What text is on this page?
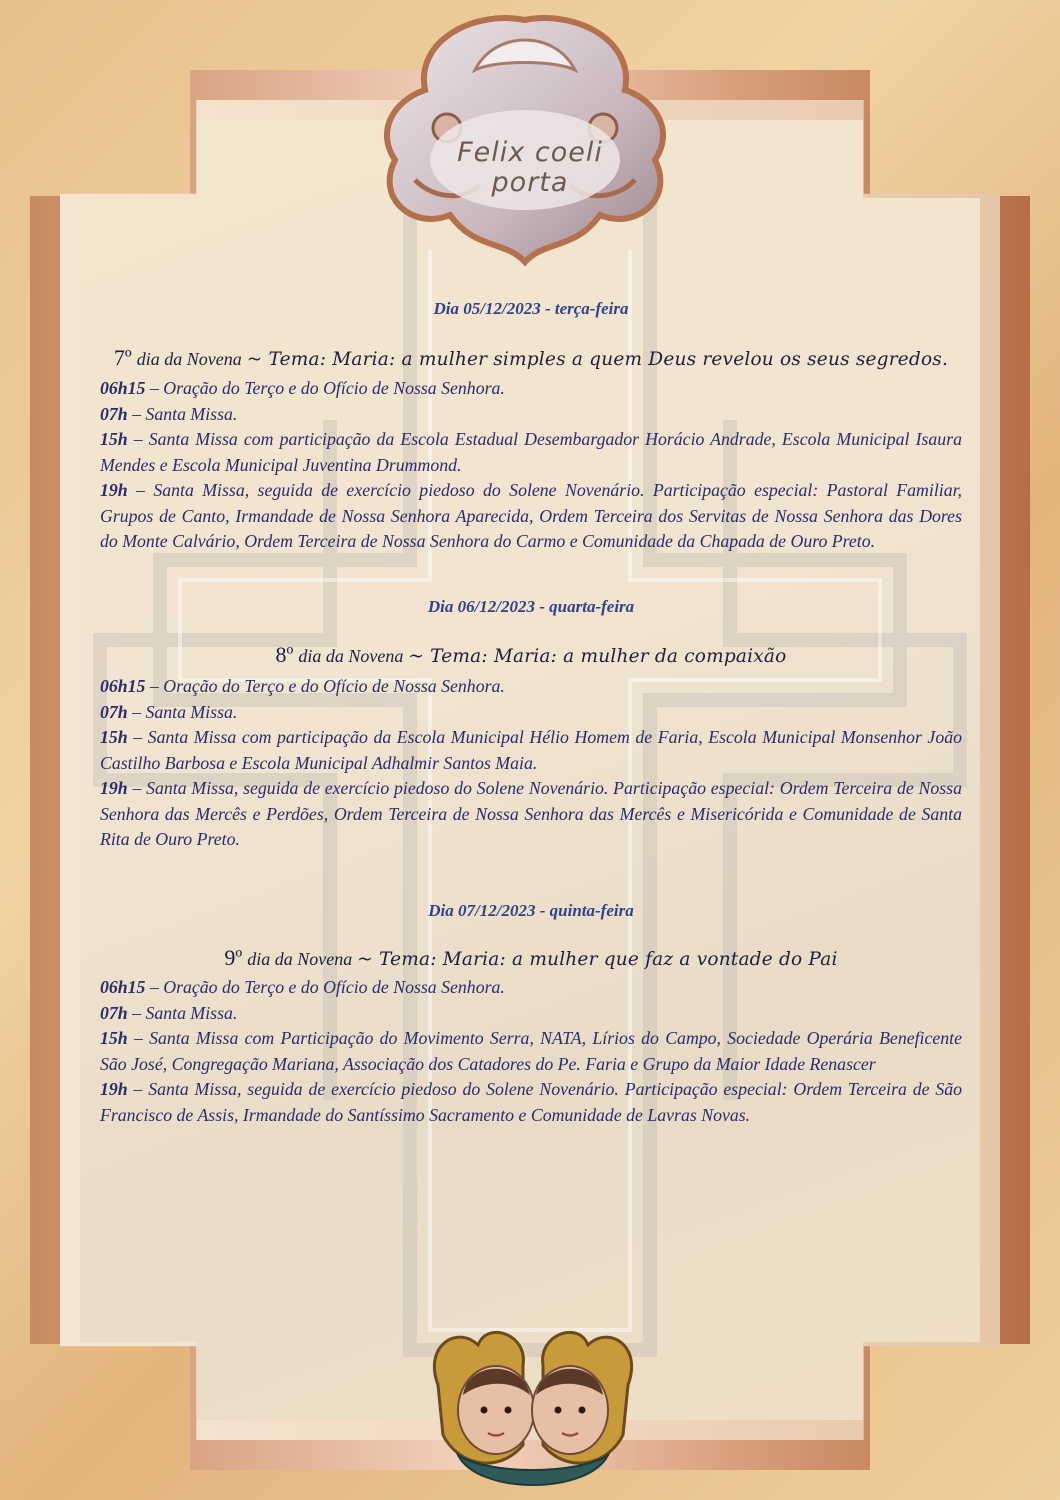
Felix coeli
porta
Dia 05/12/2023 - terça-feira
7º dia da Novena ~ Tema: Maria: a mulher simples a quem Deus revelou os seus segredos.

06h15 – Oração do Terço e do Ofício de Nossa Senhora.

07h – Santa Missa.

15h – Santa Missa com participação da Escola Estadual Desembargador Horácio Andrade, Escola Municipal Isaura Mendes e Escola Municipal Juventina Drummond.

19h – Santa Missa, seguida de exercício piedoso do Solene Novenário. Participação especial: Pastoral Familiar, Grupos de Canto, Irmandade de Nossa Senhora Aparecida, Ordem Terceira dos Servitas de Nossa Senhora das Dores do Monte Calvário, Ordem Terceira de Nossa Senhora do Carmo e Comunidade da Chapada de Ouro Preto.

Dia 06/12/2023 - quarta-feira
8º dia da Novena ~ Tema: Maria: a mulher da compaixão

06h15 – Oração do Terço e do Ofício de Nossa Senhora.

07h – Santa Missa.

15h – Santa Missa com participação da Escola Municipal Hélio Homem de Faria, Escola Municipal Monsenhor João Castilho Barbosa e Escola Municipal Adhalmir Santos Maia.

19h – Santa Missa, seguida de exercício piedoso do Solene Novenário. Participação especial: Ordem Terceira de Nossa Senhora das Mercês e Perdões, Ordem Terceira de Nossa Senhora das Mercês e Misericórida e Comunidade de Santa Rita de Ouro Preto.

Dia 07/12/2023 - quinta-feira
9º dia da Novena ~ Tema: Maria: a mulher que faz a vontade do Pai

06h15 – Oração do Terço e do Ofício de Nossa Senhora.

07h – Santa Missa.

15h – Santa Missa com Participação do Movimento Serra, NATA, Lírios do Campo, Sociedade Operária Beneficente São José, Congregação Mariana, Associação dos Catadores do Pe. Faria e Grupo da Maior Idade Renascer

19h – Santa Missa, seguida de exercício piedoso do Solene Novenário. Participação especial: Ordem Terceira de São Francisco de Assis, Irmandade do Santíssimo Sacramento e Comunidade de Lavras Novas.
